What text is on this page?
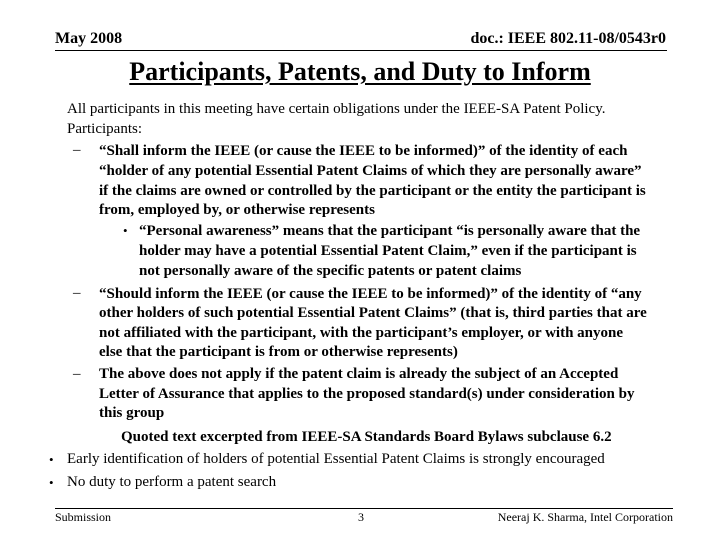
May 2008	doc.: IEEE 802.11-08/0543r0
Participants, Patents, and Duty to Inform
All participants in this meeting have certain obligations under the IEEE-SA Patent Policy.
Participants:
– “Shall inform the IEEE (or cause the IEEE to be informed)” of the identity of each
“holder of any potential Essential Patent Claims of which they are personally aware”
if the claims are owned or controlled by the participant or the entity the participant is
from, employed by, or otherwise represents
• “Personal awareness” means that the participant “is personally aware that the
holder may have a potential Essential Patent Claim,” even if the participant is
not personally aware of the specific patents or patent claims
– “Should inform the IEEE (or cause the IEEE to be informed)” of the identity of “any
other holders of such potential Essential Patent Claims” (that is, third parties that are
not affiliated with the participant, with the participant’s employer, or with anyone
else that the participant is from or otherwise represents)
– The above does not apply if the patent claim is already the subject of an Accepted
Letter of Assurance that applies to the proposed standard(s) under consideration by
this group
Quoted text excerpted from IEEE-SA Standards Board Bylaws subclause 6.2
• Early identification of holders of potential Essential Patent Claims is strongly encouraged
• No duty to perform a patent search
Submission	3	Neeraj K. Sharma, Intel Corporation
